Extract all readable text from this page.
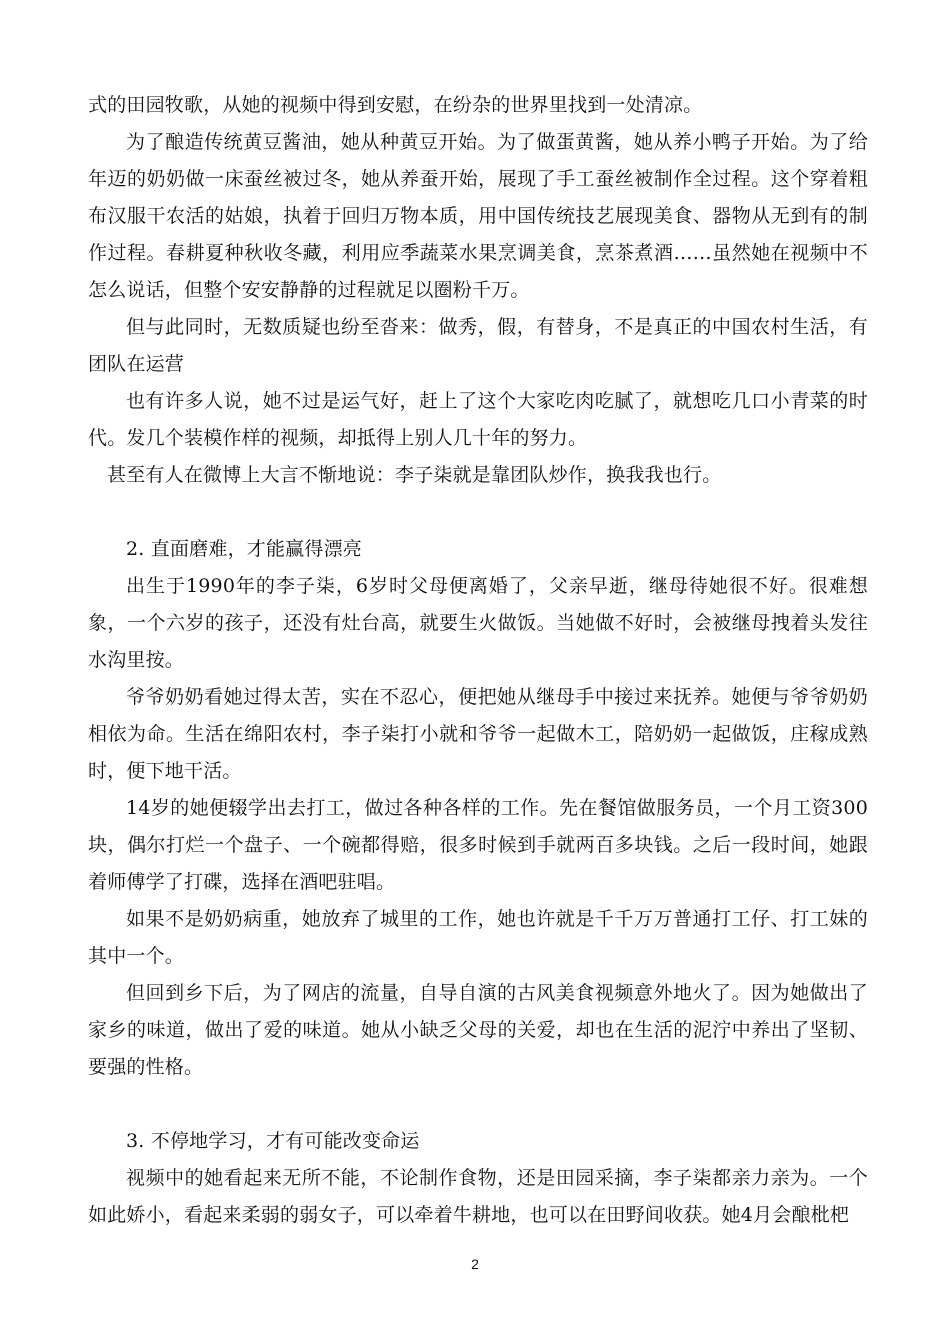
式的田园牧歌，从她的视频中得到安慰，在纷杂的世界里找到一处清凉。

为了酿造传统黄豆酱油，她从种黄豆开始。为了做蛋黄酱，她从养小鸭子开始。为了给年迈的奶奶做一床蚕丝被过冬，她从养蚕开始，展现了手工蚕丝被制作全过程。这个穿着粗布汉服干农活的姑娘，执着于回归万物本质，用中国传统技艺展现美食、器物从无到有的制作过程。春耕夏种秋收冬藏，利用应季蔬菜水果烹调美食，烹茶煮酒……虽然她在视频中不怎么说话，但整个安安静静的过程就足以圈粉千万。

但与此同时，无数质疑也纷至沓来：做秀，假，有替身，不是真正的中国农村生活，有团队在运营

也有许多人说，她不过是运气好，赶上了这个大家吃肉吃腻了，就想吃几口小青菜的时代。发几个装模作样的视频，却抵得上别人几十年的努力。

甚至有人在微博上大言不惭地说：李子柒就是靠团队炒作，换我我也行。

2. 直面磨难，才能赢得漂亮

出生于1990年的李子柒，6岁时父母便离婚了，父亲早逝，继母待她很不好。很难想象，一个六岁的孩子，还没有灶台高，就要生火做饭。当她做不好时，会被继母拽着头发往水沟里按。

爷爷奶奶看她过得太苦，实在不忍心，便把她从继母手中接过来抚养。她便与爷爷奶奶相依为命。生活在绵阳农村，李子柒打小就和爷爷一起做木工，陪奶奶一起做饭，庄稼成熟时，便下地干活。

14岁的她便辍学出去打工，做过各种各样的工作。先在餐馆做服务员，一个月工资300块，偶尔打烂一个盘子、一个碗都得赔，很多时候到手就两百多块钱。之后一段时间，她跟着师傅学了打碟，选择在酒吧驻唱。

如果不是奶奶病重，她放弃了城里的工作，她也许就是千千万万普通打工仔、打工妹的其中一个。

但回到乡下后，为了网店的流量，自导自演的古风美食视频意外地火了。因为她做出了家乡的味道，做出了爱的味道。她从小缺乏父母的关爱，却也在生活的泥泞中养出了坚韧、要强的性格。

3. 不停地学习，才有可能改变命运

视频中的她看起来无所不能，不论制作食物，还是田园采摘，李子柒都亲力亲为。一个如此娇小，看起来柔弱的弱女子，可以牵着牛耕地，也可以在田野间收获。她4月会酿枇杷

2
